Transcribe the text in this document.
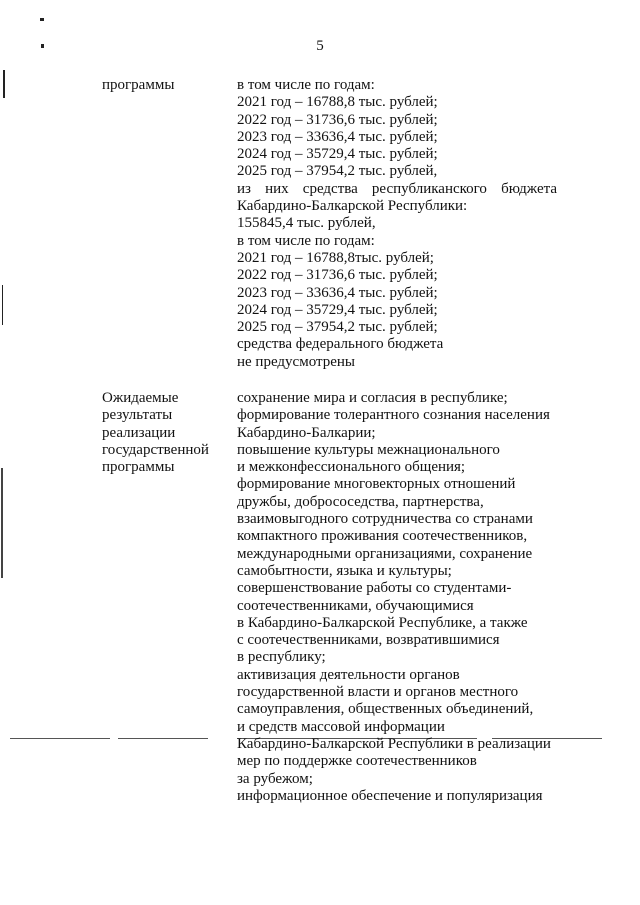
5
программы	в том числе по годам:
2021 год – 16788,8 тыс. рублей;
2022 год – 31736,6 тыс. рублей;
2023 год – 33636,4 тыс. рублей;
2024 год – 35729,4 тыс. рублей;
2025 год – 37954,2 тыс. рублей,
из них средства республиканского бюджета
Кабардино-Балкарской Республики:
155845,4 тыс. рублей,
в том числе по годам:
2021 год – 16788,8тыс. рублей;
2022 год – 31736,6 тыс. рублей;
2023 год – 33636,4 тыс. рублей;
2024 год – 35729,4 тыс. рублей;
2025 год – 37954,2 тыс. рублей;
средства федерального бюджета
не предусмотрены
Ожидаемые
результаты
реализации
государственной
программы
сохранение мира и согласия в республике;
формирование толерантного сознания населения
Кабардино-Балкарии;
повышение культуры межнационального
и межконфессионального общения;
формирование многовекторных отношений
дружбы, добрососедства, партнерства,
взаимовыгодного сотрудничества со странами
компактного проживания соотечественников,
международными организациями, сохранение
самобытности, языка и культуры;
совершенствование работы со студентами-
соотечественниками, обучающимися
в Кабардино-Балкарской Республике, а также
с соотечественниками, возвратившимися
в республику;
активизация деятельности органов
государственной власти и органов местного
самоуправления, общественных объединений,
и средств массовой информации
Кабардино-Балкарской Республики в реализации
мер по поддержке соотечественников
за рубежом;
информационное обеспечение и популяризация
